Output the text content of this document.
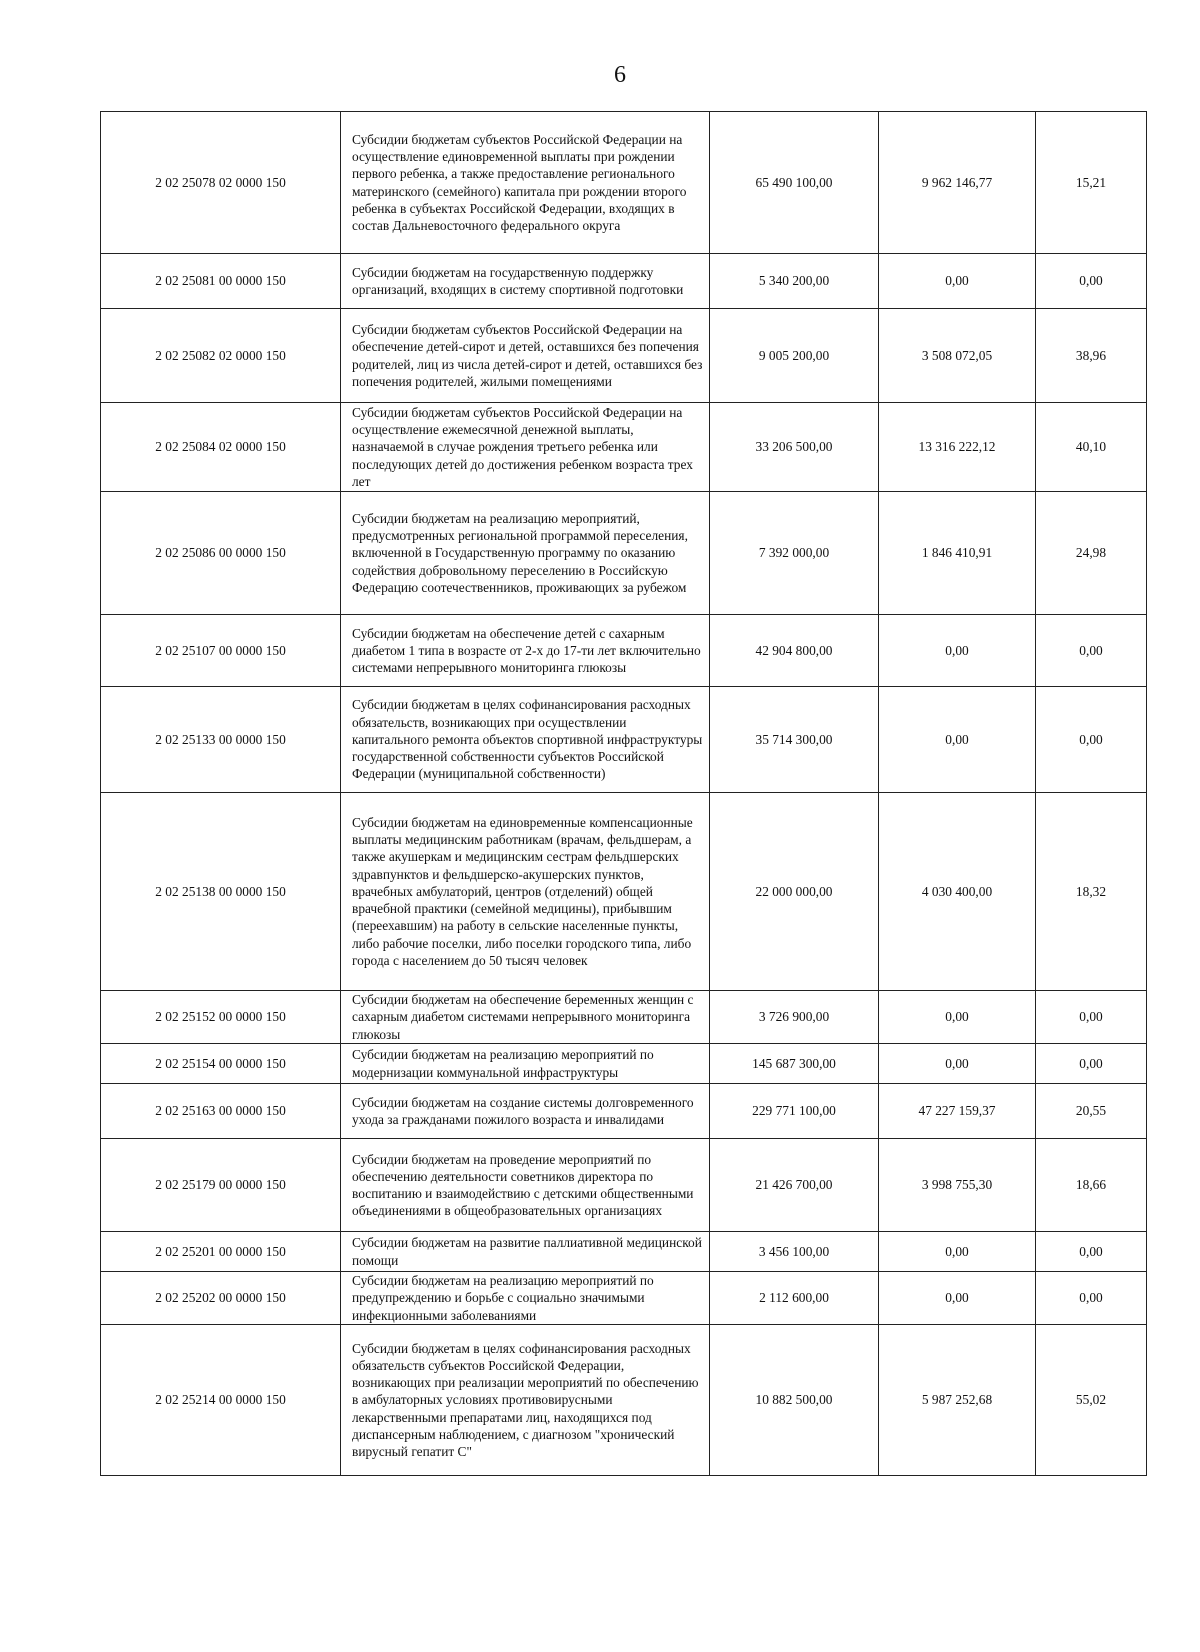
6
2 02 25078 02 0000 150	Субсидии бюджетам субъектов Российской Федерации на осуществление единовременной выплаты при рождении первого ребенка, а также предоставление регионального материнского (семейного) капитала при рождении второго ребенка в субъектах Российской Федерации, входящих в состав Дальневосточного федерального округа	65 490 100,00	9 962 146,77	15,21
2 02 25081 00 0000 150	Субсидии бюджетам на государственную поддержку организаций, входящих в систему спортивной подготовки	5 340 200,00	0,00	0,00
2 02 25082 02 0000 150	Субсидии бюджетам субъектов Российской Федерации на обеспечение детей-сирот и детей, оставшихся без попечения родителей, лиц из числа детей-сирот и детей, оставшихся без попечения родителей, жилыми помещениями	9 005 200,00	3 508 072,05	38,96
2 02 25084 02 0000 150	Субсидии бюджетам субъектов Российской Федерации на осуществление ежемесячной денежной выплаты, назначаемой в случае рождения третьего ребенка или последующих детей до достижения ребенком возраста трех лет	33 206 500,00	13 316 222,12	40,10
2 02 25086 00 0000 150	Субсидии бюджетам на реализацию мероприятий, предусмотренных региональной программой переселения, включенной в Государственную программу по оказанию содействия добровольному переселению в Российскую Федерацию соотечественников, проживающих за рубежом	7 392 000,00	1 846 410,91	24,98
2 02 25107 00 0000 150	Субсидии бюджетам на обеспечение детей с сахарным диабетом 1 типа в возрасте от 2-х до 17-ти лет включительно системами непрерывного мониторинга глюкозы	42 904 800,00	0,00	0,00
2 02 25133 00 0000 150	Субсидии бюджетам в целях софинансирования расходных обязательств, возникающих при осуществлении капитального ремонта объектов спортивной инфраструктуры государственной собственности субъектов Российской Федерации (муниципальной собственности)	35 714 300,00	0,00	0,00
2 02 25138 00 0000 150	Субсидии бюджетам на единовременные компенсационные выплаты медицинским работникам (врачам, фельдшерам, а также акушеркам и медицинским сестрам фельдшерских здравпунктов и фельдшерско-акушерских пунктов, врачебных амбулаторий, центров (отделений) общей врачебной практики (семейной медицины), прибывшим (переехавшим) на работу в сельские населенные пункты, либо рабочие поселки, либо поселки городского типа, либо города с населением до 50 тысяч человек	22 000 000,00	4 030 400,00	18,32
2 02 25152 00 0000 150	Субсидии бюджетам на обеспечение беременных женщин с сахарным диабетом системами непрерывного мониторинга глюкозы	3 726 900,00	0,00	0,00
2 02 25154 00 0000 150	Субсидии бюджетам на реализацию мероприятий по модернизации коммунальной инфраструктуры	145 687 300,00	0,00	0,00
2 02 25163 00 0000 150	Субсидии бюджетам на создание системы долговременного ухода за гражданами пожилого возраста и инвалидами	229 771 100,00	47 227 159,37	20,55
2 02 25179 00 0000 150	Субсидии бюджетам на проведение мероприятий по обеспечению деятельности советников директора по воспитанию и взаимодействию с детскими общественными объединениями в общеобразовательных организациях	21 426 700,00	3 998 755,30	18,66
2 02 25201 00 0000 150	Субсидии бюджетам на развитие паллиативной медицинской помощи	3 456 100,00	0,00	0,00
2 02 25202 00 0000 150	Субсидии бюджетам на реализацию мероприятий по предупреждению и борьбе с социально значимыми инфекционными заболеваниями	2 112 600,00	0,00	0,00
2 02 25214 00 0000 150	Субсидии бюджетам в целях софинансирования расходных обязательств субъектов Российской Федерации, возникающих при реализации мероприятий по обеспечению в амбулаторных условиях противовирусными лекарственными препаратами лиц, находящихся под диспансерным наблюдением, с диагнозом "хронический вирусный гепатит С"	10 882 500,00	5 987 252,68	55,02
